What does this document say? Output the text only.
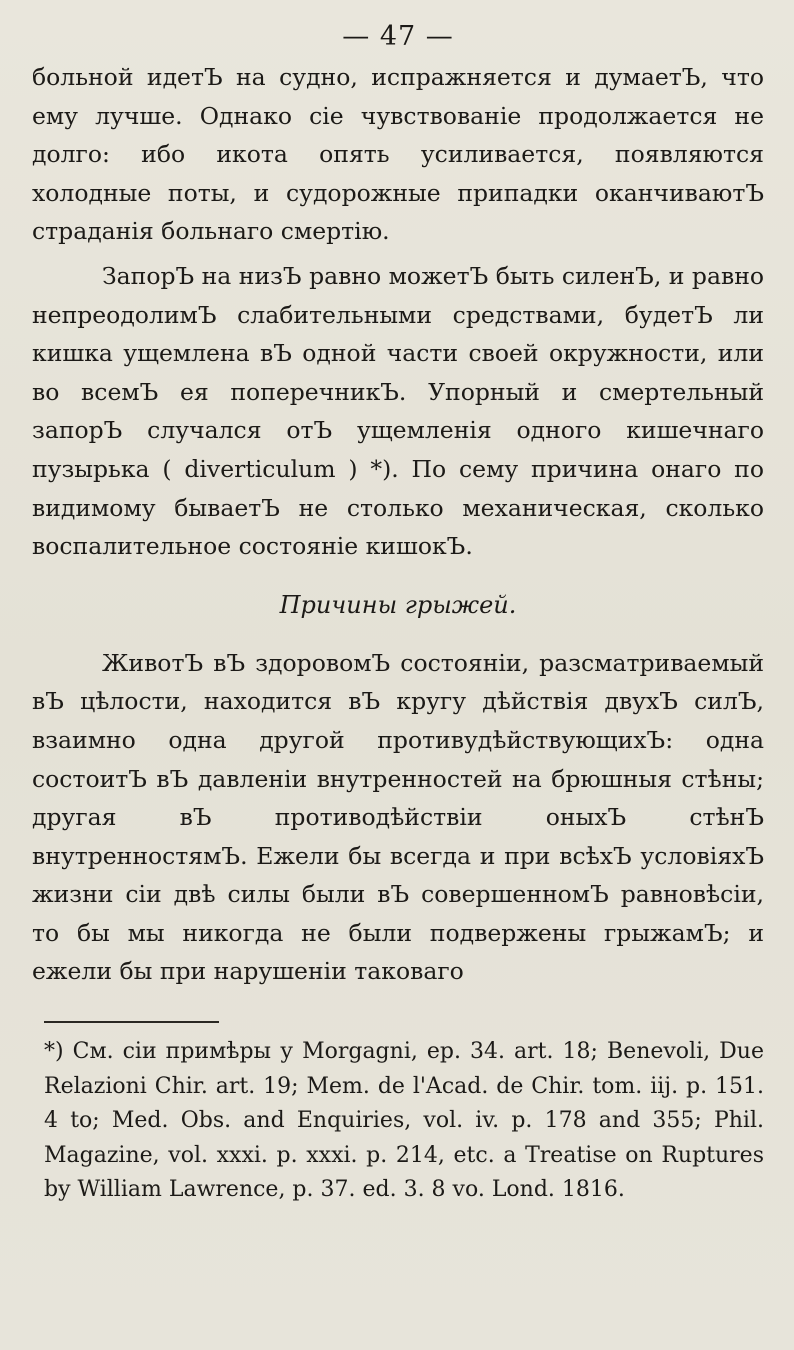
— 47 —

больной идетЪ на судно, испражняется и думаетЪ, что ему лучше. Однако сіе чувствованіе продолжается не долго: ибо икота опять усиливается, появляются холодные поты, и судорожные припадки оканчиваютЪ страданія больнаго смертію.

ЗапорЪ на низЪ равно можетЪ быть силенЪ, и равно непреодолимЪ слабительными средствами, будетЪ ли кишка ущемлена вЪ одной части своей окружности, или во всемЪ ея поперечникЪ. Упорный и смертельный запорЪ случался отЪ ущемленія одного кишечнаго пузырька ( diverticulum ) *). По сему причина онаго по видимому бываетЪ не столько механическая, сколько воспалительное состояніе кишокЪ.

Причины грыжей.

ЖивотЪ вЪ здоровомЪ состояніи, разсматриваемый вЪ цѣлости, находится вЪ кругу дѣйствія двухЪ силЪ, взаимно одна другой противудѣйствующихЪ: одна состоитЪ вЪ давленіи внутренностей на брюшныя стѣны; другая вЪ противодѣйствіи оныхЪ стѣнЪ внутренностямЪ. Ежели бы всегда и при всѣхЪ условіяхЪ жизни сіи двѣ силы были вЪ совершенномЪ равновѣсіи, то бы мы никогда не были подвержены грыжамЪ; и ежели бы при нарушеніи таковаго

*) См. сіи примѣры у Morgagni, ep. 34. art. 18; Benevoli, Due Relazioni Chir. art. 19; Mem. de l'Acad. de Chir. tom. iij. p. 151. 4 to; Med. Obs. and Enquiries, vol. iv. p. 178 and 355; Phil. Magazine, vol. xxxi. p. xxxi. p. 214, etc. a Treatise on Ruptures by William Lawrence, p. 37. ed. 3. 8 vo. Lond. 1816.
